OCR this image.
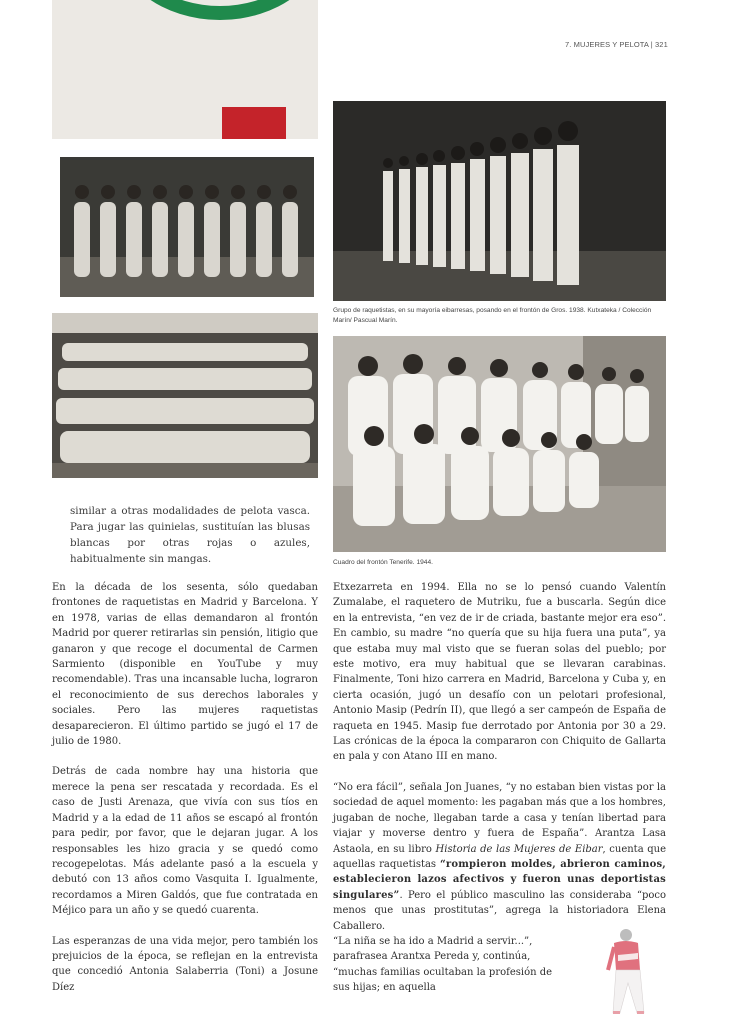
7. MUJERES Y PELOTA | 321
Grupo de raquetistas, en su mayoría eibarresas, posando en el frontón de Gros. 1938. Kutxateka / Colección Marín/ Pascual Marín.
Cuadro del frontón Tenerife. 1944.
similar a otras modalidades de pelota vasca. Para jugar las quinielas, sustituían las blusas blancas por otras rojas o azules, habitualmente sin mangas.

En la década de los sesenta, sólo quedaban frontones de raquetistas en Madrid y Barcelona. Y en 1978, varias de ellas demandaron al frontón Madrid por querer retirarlas sin pensión, litigio que ganaron y que recoge el documental de Carmen Sarmiento (disponible en YouTube y muy recomendable). Tras una incansable lucha, lograron el reconocimiento de sus derechos laborales y sociales. Pero las mujeres raquetistas desaparecieron. El último partido se jugó el 17 de julio de 1980.

Detrás de cada nombre hay una historia que merece la pena ser rescatada y recordada. Es el caso de Justi Arenaza, que vivía con sus tíos en Madrid y a la edad de 11 años se escapó al frontón para pedir, por favor, que le dejaran jugar. A los responsables les hizo gracia y se quedó como recogepelotas. Más adelante pasó a la escuela y debutó con 13 años como Vasquita I. Igualmente, recordamos a Miren Galdós, que fue contratada en Méjico para un año y se quedó cuarenta.

Las esperanzas de una vida mejor, pero también los prejuicios de la época, se reflejan en la entrevista que concedió Antonia Salaberria (Toni) a Josune Díez

Etxezarreta en 1994. Ella no se lo pensó cuando Valentín Zumalabe, el raquetero de Mutriku, fue a buscarla. Según dice en la entrevista, “en vez de ir de criada, bastante mejor era eso”. En cambio, su madre “no quería que su hija fuera una puta”, ya que estaba muy mal visto que se fueran solas del pueblo; por este motivo, era muy habitual que se llevaran carabinas. Finalmente, Toni hizo carrera en Madrid, Barcelona y Cuba y, en cierta ocasión, jugó un desafío con un pelotari profesional, Antonio Masip (Pedrín II), que llegó a ser campeón de España de raqueta en 1945. Masip fue derrotado por Antonia por 30 a 29. Las crónicas de la época la compararon con Chiquito de Gallarta en pala y con Atano III en mano.

“No era fácil”, señala Jon Juanes, “y no estaban bien vistas por la sociedad de aquel momento: les pagaban más que a los hombres, jugaban de noche, llegaban tarde a casa y tenían libertad para viajar y moverse dentro y fuera de España”. Arantza Lasa Astaola, en su libro Historia de las Mujeres de Eibar, cuenta que aquellas raquetistas “rompieron moldes, abrieron caminos, establecieron lazos afectivos y fueron unas deportistas singulares”. Pero el público masculino las consideraba “poco menos que unas prostitutas”, agrega la historiadora Elena Caballero.

“La niña se ha ido a Madrid a servir...”, parafrasea Arantxa Pereda y, continúa, “muchas familias ocultaban la profesión de sus hijas; en aquella
